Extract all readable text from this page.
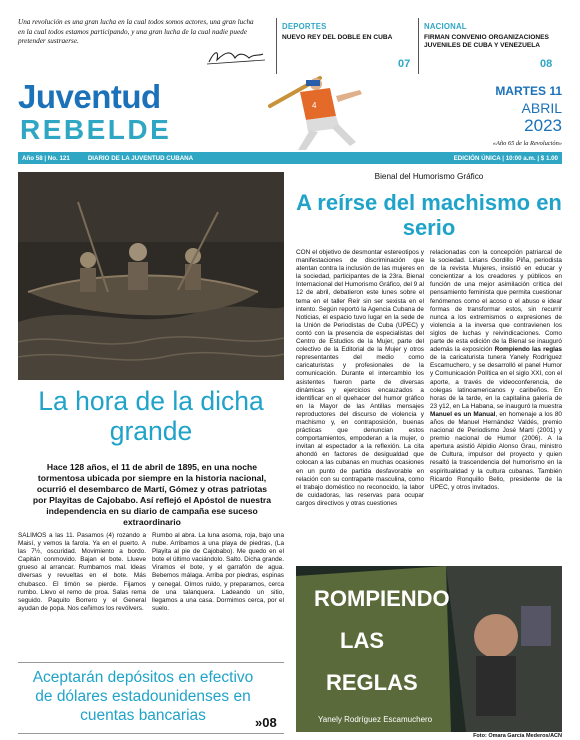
Una revolución es una gran lucha en la cual todos somos actores, una gran lucha en la cual todos estamos participando, y una gran lucha de la cual nadie puede pretender sustraerse.
DEPORTES
NUEVO REY DEL DOBLE EN CUBA
07
NACIONAL
FIRMAN CONVENIO ORGANIZACIONES JUVENILES DE CUBA Y VENEZUELA
08
Juventud
REBELDE
4
MARTES 11
ABRIL
2023
«Año 65 de la Revolución»
Año 58 | No. 121	DIARIO DE LA JUVENTUD CUBANA	EDICIÓN ÚNICA | 10:00 a.m. | $ 1.00
La hora de la dicha grande
Hace 128 años, el 11 de abril de 1895, en una noche tormentosa ubicada por siempre en la historia nacional, ocurrió el desembarco de Martí, Gómez y otras patriotas por Playitas de Cajobabo. Así reflejó el Apóstol de nuestra independencia en su diario de campaña ese suceso extraordinario
SALIMOS a las 11. Pasamos (4) rozando a Maisí, y vemos la farola. Ya en el puerto. A las 7½, oscuridad. Movimiento a bordo. Capitán conmovido. Bajan el bote. Llueve grueso al arrancar. Rumbamos mal. Ideas diversas y revueltas en el bote. Más chubasco. El timón se pierde. Fijamos rumbo. Llevo el remo de proa. Salas rema seguido. Paquito Borrero y el General ayudan de popa. Nos ceñimos los revólvers.
Rumbo al abra. La luna asoma, roja, bajo una nube. Arribamos a una playa de piedras, (La Playita al pie de Cajobabo). Me quedo en el bote el último vaciándolo. Salto. Dicha grande. Viramos el bote, y el garrafón de agua. Bebemos málaga. Arriba por piedras, espinas y cenegal. Oímos ruido, y preparamos, cerca de una talanquera. Ladeando un sitio, llegamos a una casa. Dormimos cerca, por el suelo.
Aceptarán depósitos en efectivo de dólares estadounidenses en cuentas bancarias	»08
Bienal del Humorismo Gráfico
A reírse del machismo en serio
CON el objetivo de desmontar estereotipos y manifestaciones de discriminación que atentan contra la inclusión de las mujeres en la sociedad, participantes de la 23ra. Bienal Internacional del Humorismo Gráfico, del 9 al 12 de abril, debatieron este lunes sobre el tema en el taller Reír sin ser sexista en el intento. Según reportó la Agencia Cubana de Noticias, el espacio tuvo lugar en la sede de la Unión de Periodistas de Cuba (UPEC) y contó con la presencia de especialistas del Centro de Estudios de la Mujer, parte del colectivo de la Editorial de la Mujer y otros representantes del medio como caricaturistas y profesionales de la comunicación. Durante el intercambio los asistentes fueron parte de diversas dinámicas y ejercicios encauzados a identificar en el quehacer del humor gráfico en la Mayor de las Antillas mensajes reproductores del discurso de violencia y machismo y, en contraposición, buenas prácticas que denuncian estos comportamientos, empoderan a la mujer, o invitan al espectador a la reflexión. La cita ahondó en factores de desigualdad que colocan a las cubanas en muchas ocasiones en un punto de partida desfavorable en relación con su contraparte masculina, como el trabajo doméstico no reconocido, la labor de cuidadoras, las reservas para ocupar cargos directivos y otras cuestiones
relacionadas con la concepción patriarcal de la sociedad. Lirians Gordillo Piña, periodista de la revista Mujeres, insistió en educar y concientizar a los creadores y públicos en función de una mejor asimilación crítica del pensamiento feminista que permita cuestionar fenómenos como el acoso o el abuso e idear formas de transformar estos, sin recurrir nunca a los extremismos o expresiones de violencia a la inversa que contravienen los siglos de luchas y reivindicaciones. Como parte de esta edición de la Bienal se inauguró además la exposición Rompiendo las reglas de la caricaturista tunera Yanely Rodríguez Escamuchero, y se desarrolló el panel Humor y Comunicación Política en el siglo XXI, con el aporte, a través de videoconferencia, de colegas latinoamericanos y caribeños. En horas de la tarde, en la capitalina galería de 23 y12, en La Habana, se inauguró la muestra Manuel es un Manual, en homenaje a los 80 años de Manuel Hernández Valdés, premio nacional de Periodismo José Martí (2001) y premio nacional de Humor (2006). A la apertura asistió Alpidio Alonso Grau, ministro de Cultura, impulsor del proyecto y quien resaltó la trascendencia del humorismo en la espiritualidad y la cultura cubanas. También Ricardo Ronquillo Bello, presidente de la UPEC, y otros invitados.
ROMPIENDO
LAS
REGLAS
Yanely Rodríguez Escamuchero
Foto: Omara García Mederos/ACN
